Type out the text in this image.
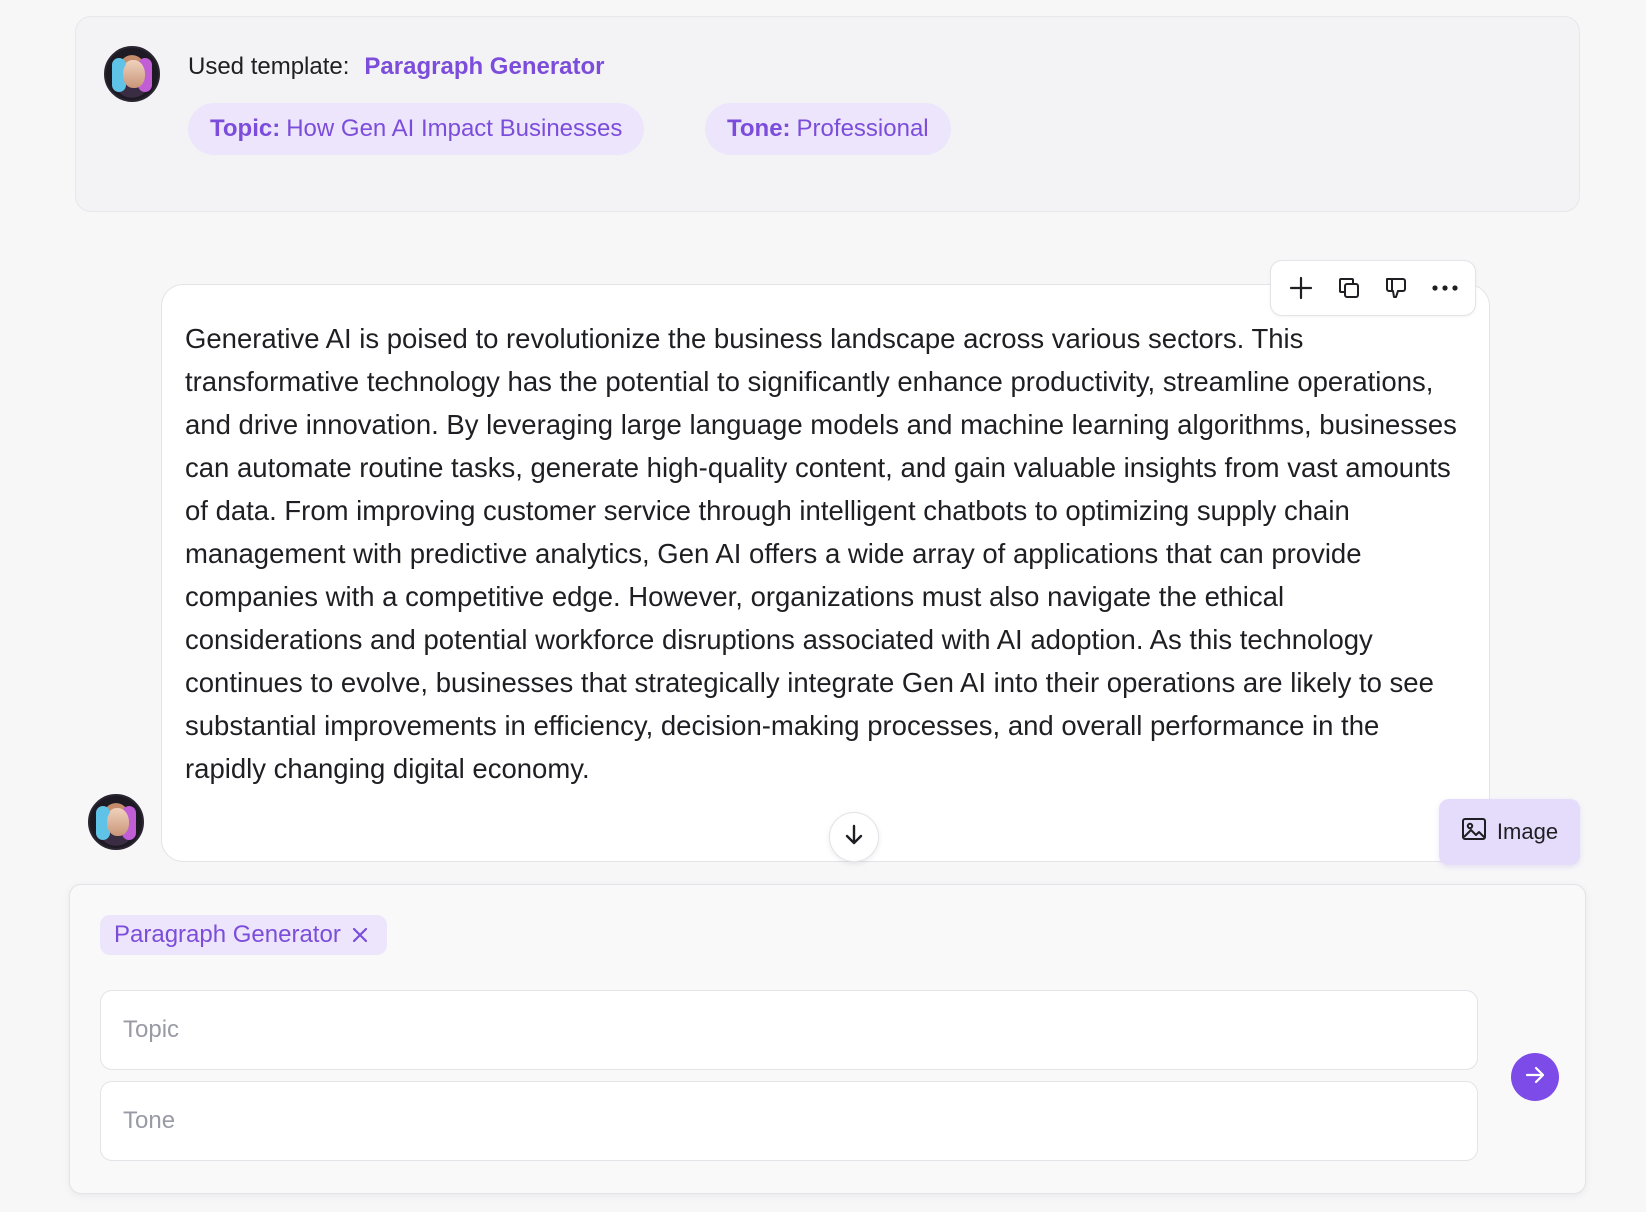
Used template: Paragraph Generator
Topic: How Gen AI Impact Businesses	Tone: Professional

Generative AI is poised to revolutionize the business landscape across various sectors. This transformative technology has the potential to significantly enhance productivity, streamline operations, and drive innovation. By leveraging large language models and machine learning algorithms, businesses can automate routine tasks, generate high-quality content, and gain valuable insights from vast amounts of data. From improving customer service through intelligent chatbots to optimizing supply chain management with predictive analytics, Gen AI offers a wide array of applications that can provide companies with a competitive edge. However, organizations must also navigate the ethical considerations and potential workforce disruptions associated with AI adoption. As this technology continues to evolve, businesses that strategically integrate Gen AI into their operations are likely to see substantial improvements in efficiency, decision-making processes, and overall performance in the rapidly changing digital economy.

Image
Paragraph Generator
Topic
Tone
